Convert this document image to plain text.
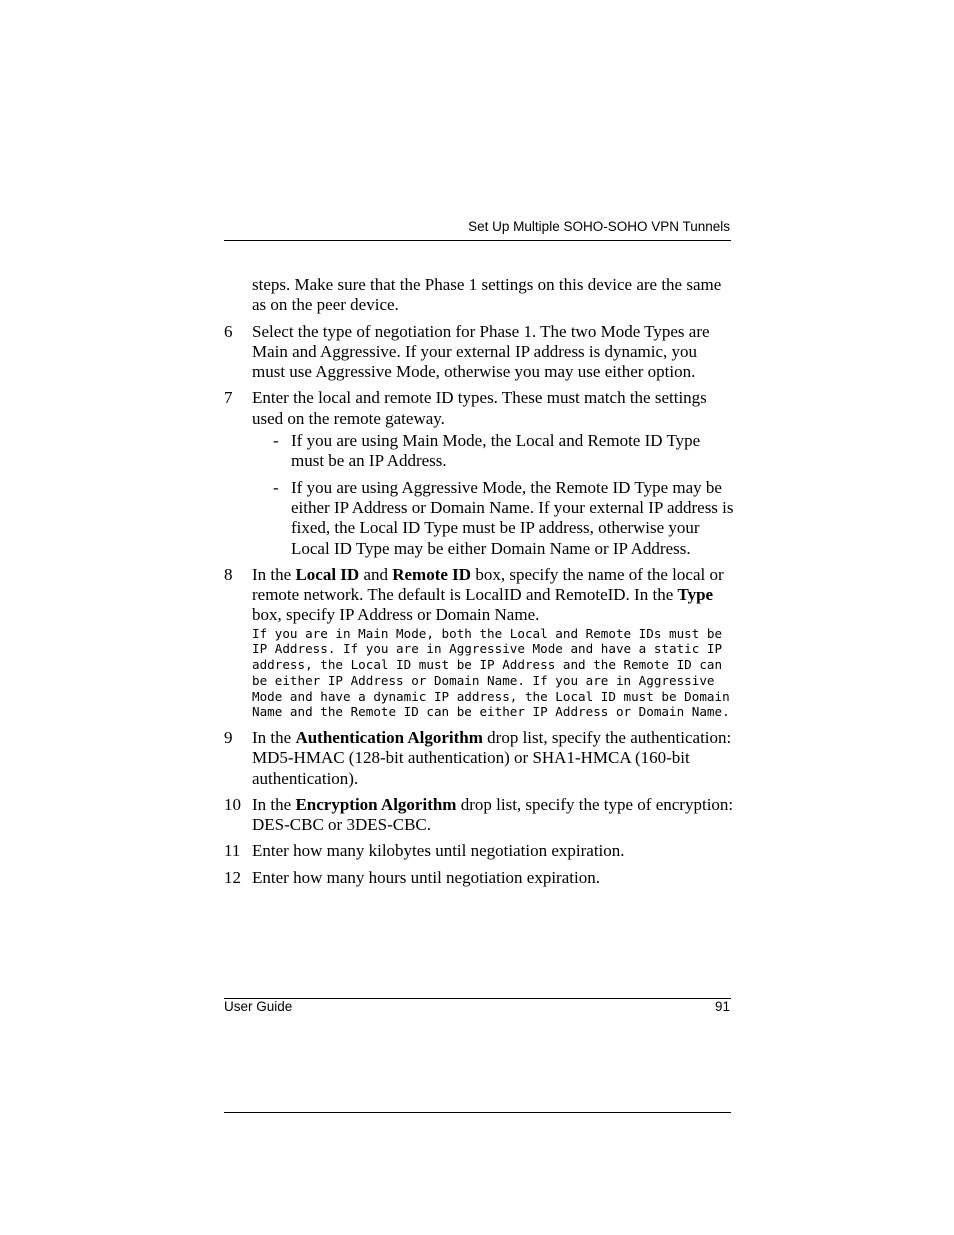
Set Up Multiple SOHO-SOHO VPN Tunnels

steps. Make sure that the Phase 1 settings on this device are the same as on the peer device.

6 Select the type of negotiation for Phase 1. The two Mode Types are Main and Aggressive. If your external IP address is dynamic, you must use Aggressive Mode, otherwise you may use either option.
7 Enter the local and remote ID types. These must match the settings used on the remote gateway.
- If you are using Main Mode, the Local and Remote ID Type must be an IP Address.
- If you are using Aggressive Mode, the Remote ID Type may be either IP Address or Domain Name. If your external IP address is fixed, the Local ID Type must be IP address, otherwise your Local ID Type may be either Domain Name or IP Address.
8 In the Local ID and Remote ID box, specify the name of the local or remote network. The default is LocalID and RemoteID. In the Type box, specify IP Address or Domain Name.
If you are in Main Mode, both the Local and Remote IDs must be IP Address. If you are in Aggressive Mode and have a static IP address, the Local ID must be IP Address and the Remote ID can be either IP Address or Domain Name. If you are in Aggressive Mode and have a dynamic IP address, the Local ID must be Domain Name and the Remote ID can be either IP Address or Domain Name.
9 In the Authentication Algorithm drop list, specify the authentication: MD5-HMAC (128-bit authentication) or SHA1-HMCA (160-bit authentication).
10 In the Encryption Algorithm drop list, specify the type of encryption: DES-CBC or 3DES-CBC.
11 Enter how many kilobytes until negotiation expiration.
12 Enter how many hours until negotiation expiration.
User Guide	91
